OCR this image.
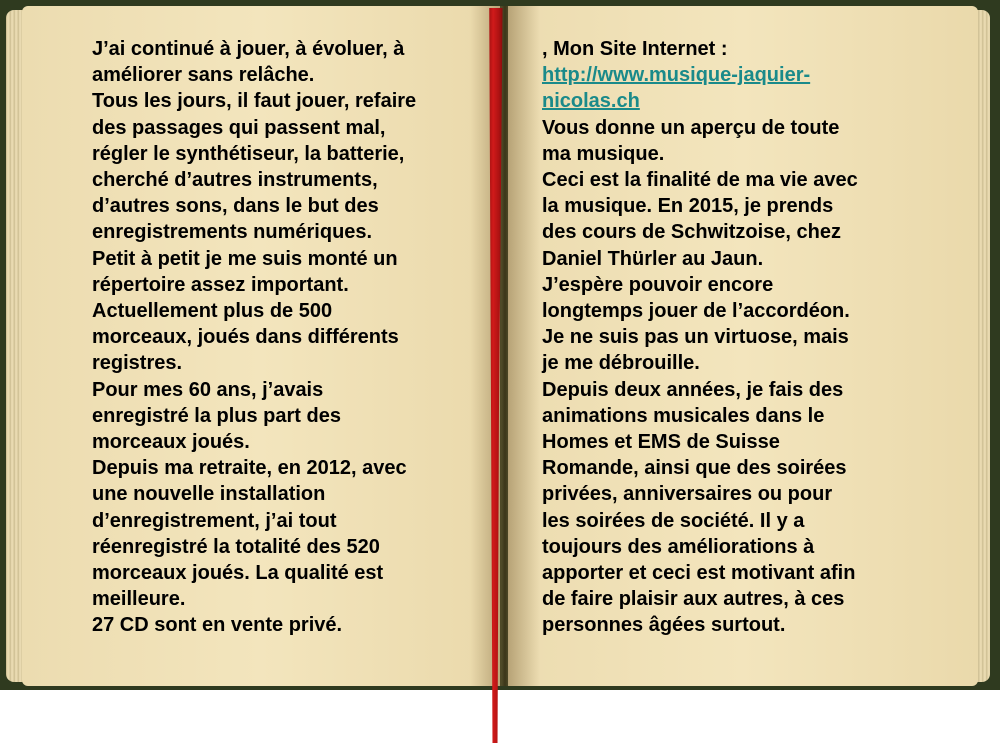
J’ai continué à jouer, à évoluer, à
améliorer sans relâche.
Tous les jours, il faut jouer, refaire
des passages qui passent mal,
régler le synthétiseur, la batterie,
cherché d’autres instruments,
d’autres sons, dans le but des
enregistrements numériques.
Petit à petit je me suis monté un
répertoire assez important.
Actuellement plus de 500
morceaux, joués dans différents
registres.
Pour mes 60 ans, j’avais
enregistré la plus part des
morceaux joués.
Depuis ma retraite, en 2012, avec
une nouvelle installation
d’enregistrement, j’ai tout
réenregistré la totalité des 520
morceaux joués. La qualité est
meilleure.
27 CD sont en vente privé.
, Mon Site Internet :
http://www.musique-jaquier-
nicolas.ch
Vous donne un aperçu de toute
ma musique.
Ceci est la finalité de ma vie avec
la musique. En 2015, je prends
des cours de Schwitzoise, chez
Daniel Thürler au Jaun.
J’espère pouvoir encore
longtemps jouer de l’accordéon.
Je ne suis pas un virtuose, mais
je me débrouille.
Depuis deux années, je fais des
animations musicales dans le
Homes et EMS de Suisse
Romande, ainsi que des soirées
privées, anniversaires ou pour
les soirées de société. Il y a
toujours des améliorations à
apporter et ceci est motivant afin
de faire plaisir aux autres, à ces
personnes âgées surtout.
